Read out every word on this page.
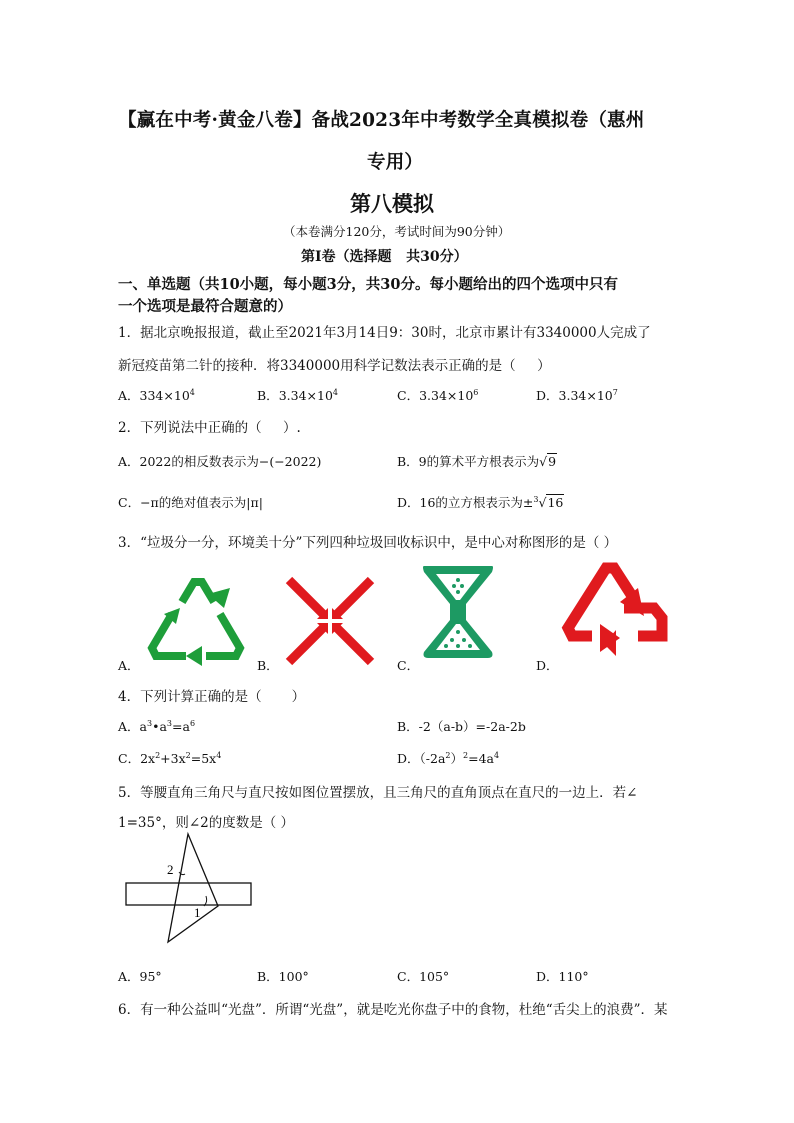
【赢在中考·黄金八卷】备战2023年中考数学全真模拟卷（惠州
专用）
第八模拟
（本卷满分120分，考试时间为90分钟）
第Ⅰ卷（选择题   共30分）
一、单选题（共10小题，每小题3分，共30分。每小题给出的四个选项中只有
一个选项是最符合题意的）
1．据北京晚报报道，截止至2021年3月14日9：30时，北京市累计有3340000人完成了
新冠疫苗第二针的接种．将3340000用科学记数法表示正确的是（     ）
A．$334\times 10^4$	B．$3.34\times 10^4$	C．$3.34\times 10^6$	D．$3.34\times 10^7$
2．下列说法中正确的（     ）.
A．2022的相反数表示为−(−2022)	B．9的算术平方根表示为√9
C．−π的绝对值表示为|π|	D．16的立方根表示为±$^3$√16
3．“垃圾分一分，环境美十分”下列四种垃圾回收标识中，是中心对称图形的是（ ）
A．	B．	C．	D．
4．下列计算正确的是（       ）
A．$a^3•a^3=a^6$	B．-2（a-b）=-2a-2b
C．$2x^2+3x^2=5x^4$	D．$(-2a^2)^2=4a^4$
5．等腰直角三角尺与直尺按如图位置摆放，且三角尺的直角顶点在直尺的一边上．若∠
1=35°，则∠2的度数是（ ）
2
1
A．95°	B．100°	C．105°	D．110°
6．有一种公益叫“光盘”．所谓“光盘”，就是吃光你盘子中的食物，杜绝“舌尖上的浪费”．某
